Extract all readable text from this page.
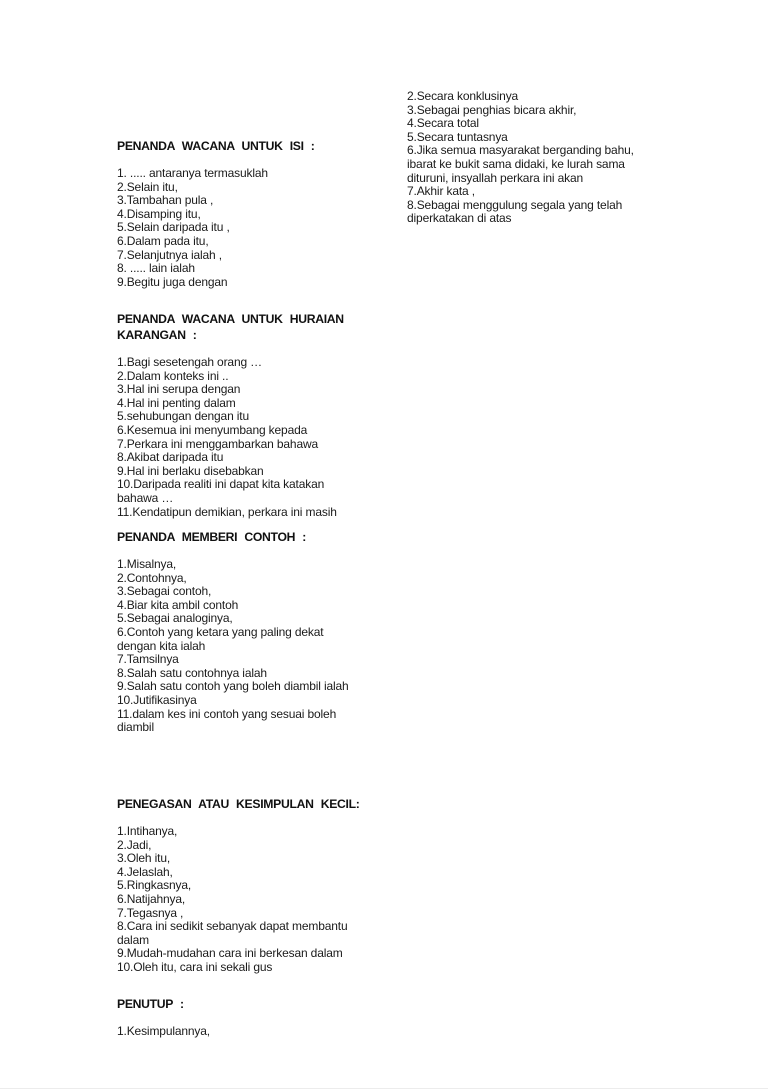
PENANDA WACANA UNTUK ISI :
1. ..... antaranya termasuklah
2.Selain itu,
3.Tambahan pula ,
4.Disamping itu,
5.Selain daripada itu ,
6.Dalam pada itu,
7.Selanjutnya ialah ,
8. ..... lain ialah
9.Begitu juga dengan
2.Secara konklusinya
3.Sebagai penghias bicara akhir,
4.Secara total
5.Secara tuntasnya
6.Jika semua masyarakat berganding bahu,
ibarat ke bukit sama didaki, ke lurah sama
dituruni, insyallah perkara ini akan
7.Akhir kata ,
8.Sebagai menggulung segala yang telah
diperkatakan di atas

PENANDA WACANA UNTUK HURAIAN
KARANGAN :
1.Bagi sesetengah orang …
2.Dalam konteks ini ..
3.Hal ini serupa dengan
4.Hal ini penting dalam
5.sehubungan dengan itu
6.Kesemua ini menyumbang kepada
7.Perkara ini menggambarkan bahawa
8.Akibat daripada itu
9.Hal ini berlaku disebabkan
10.Daripada realiti ini dapat kita katakan
bahawa …
11.Kendatipun demikian, perkara ini masih

PENANDA MEMBERI CONTOH :
1.Misalnya,
2.Contohnya,
3.Sebagai contoh,
4.Biar kita ambil contoh
5.Sebagai analoginya,
6.Contoh yang ketara yang paling dekat
dengan kita ialah
7.Tamsilnya
8.Salah satu contohnya ialah
9.Salah satu contoh yang boleh diambil ialah
10.Jutifikasinya
11.dalam kes ini contoh yang sesuai boleh
diambil

PENEGASAN ATAU KESIMPULAN KECIL:
1.Intihanya,
2.Jadi,
3.Oleh itu,
4.Jelaslah,
5.Ringkasnya,
6.Natijahnya,
7.Tegasnya ,
8.Cara ini sedikit sebanyak dapat membantu
dalam
9.Mudah-mudahan cara ini berkesan dalam
10.Oleh itu, cara ini sekali gus

PENUTUP :
1.Kesimpulannya,
